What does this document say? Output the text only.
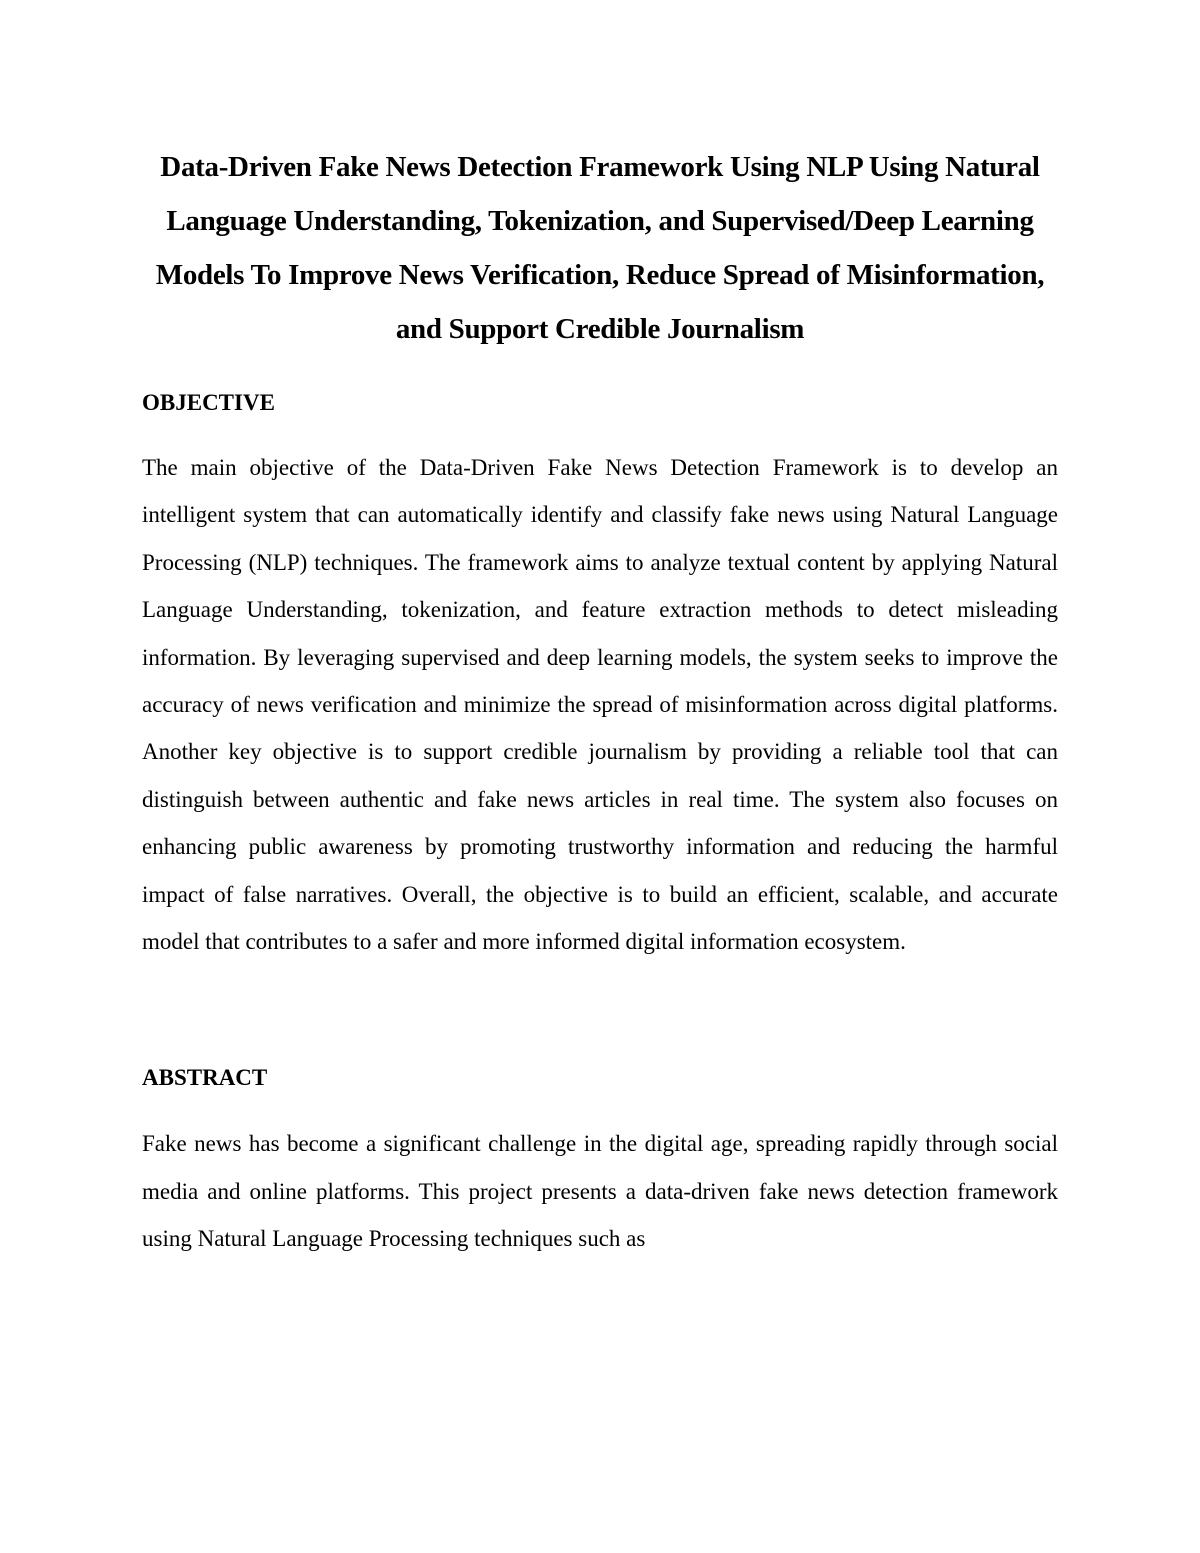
Data-Driven Fake News Detection Framework Using NLP Using Natural Language Understanding, Tokenization, and Supervised/Deep Learning Models To Improve News Verification, Reduce Spread of Misinformation, and Support Credible Journalism
OBJECTIVE

The main objective of the Data-Driven Fake News Detection Framework is to develop an intelligent system that can automatically identify and classify fake news using Natural Language Processing (NLP) techniques. The framework aims to analyze textual content by applying Natural Language Understanding, tokenization, and feature extraction methods to detect misleading information. By leveraging supervised and deep learning models, the system seeks to improve the accuracy of news verification and minimize the spread of misinformation across digital platforms. Another key objective is to support credible journalism by providing a reliable tool that can distinguish between authentic and fake news articles in real time. The system also focuses on enhancing public awareness by promoting trustworthy information and reducing the harmful impact of false narratives. Overall, the objective is to build an efficient, scalable, and accurate model that contributes to a safer and more informed digital information ecosystem.

ABSTRACT

Fake news has become a significant challenge in the digital age, spreading rapidly through social media and online platforms. This project presents a data-driven fake news detection framework using Natural Language Processing techniques such as
